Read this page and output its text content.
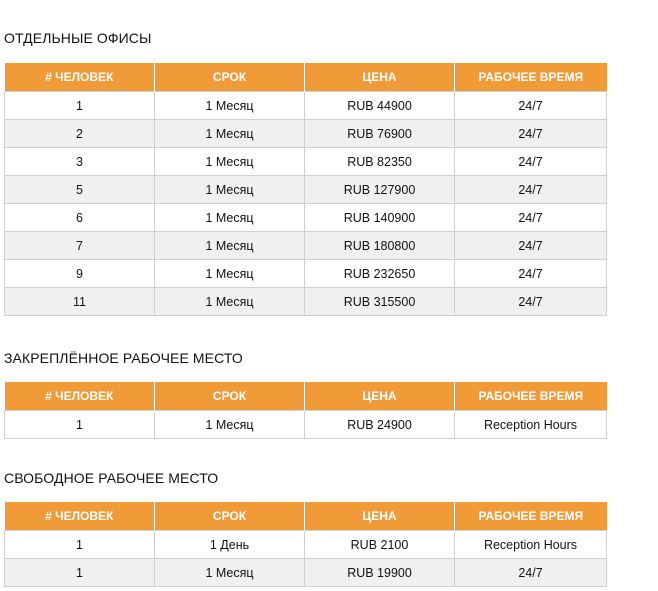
ОТДЕЛЬНЫЕ ОФИСЫ
# ЧЕЛОВЕК	СРОК	ЦЕНА	РАБОЧЕЕ ВРЕМЯ
1	1 Месяц	RUB 44900	24/7
2	1 Месяц	RUB 76900	24/7
3	1 Месяц	RUB 82350	24/7
5	1 Месяц	RUB 127900	24/7
6	1 Месяц	RUB 140900	24/7
7	1 Месяц	RUB 180800	24/7
9	1 Месяц	RUB 232650	24/7
11	1 Месяц	RUB 315500	24/7
ЗАКРЕПЛЁННОЕ РАБОЧЕЕ МЕСТО
# ЧЕЛОВЕК	СРОК	ЦЕНА	РАБОЧЕЕ ВРЕМЯ
1	1 Месяц	RUB 24900	Reception Hours
СВОБОДНОЕ РАБОЧЕЕ МЕСТО
# ЧЕЛОВЕК	СРОК	ЦЕНА	РАБОЧЕЕ ВРЕМЯ
1	1 День	RUB 2100	Reception Hours
1	1 Месяц	RUB 19900	24/7
